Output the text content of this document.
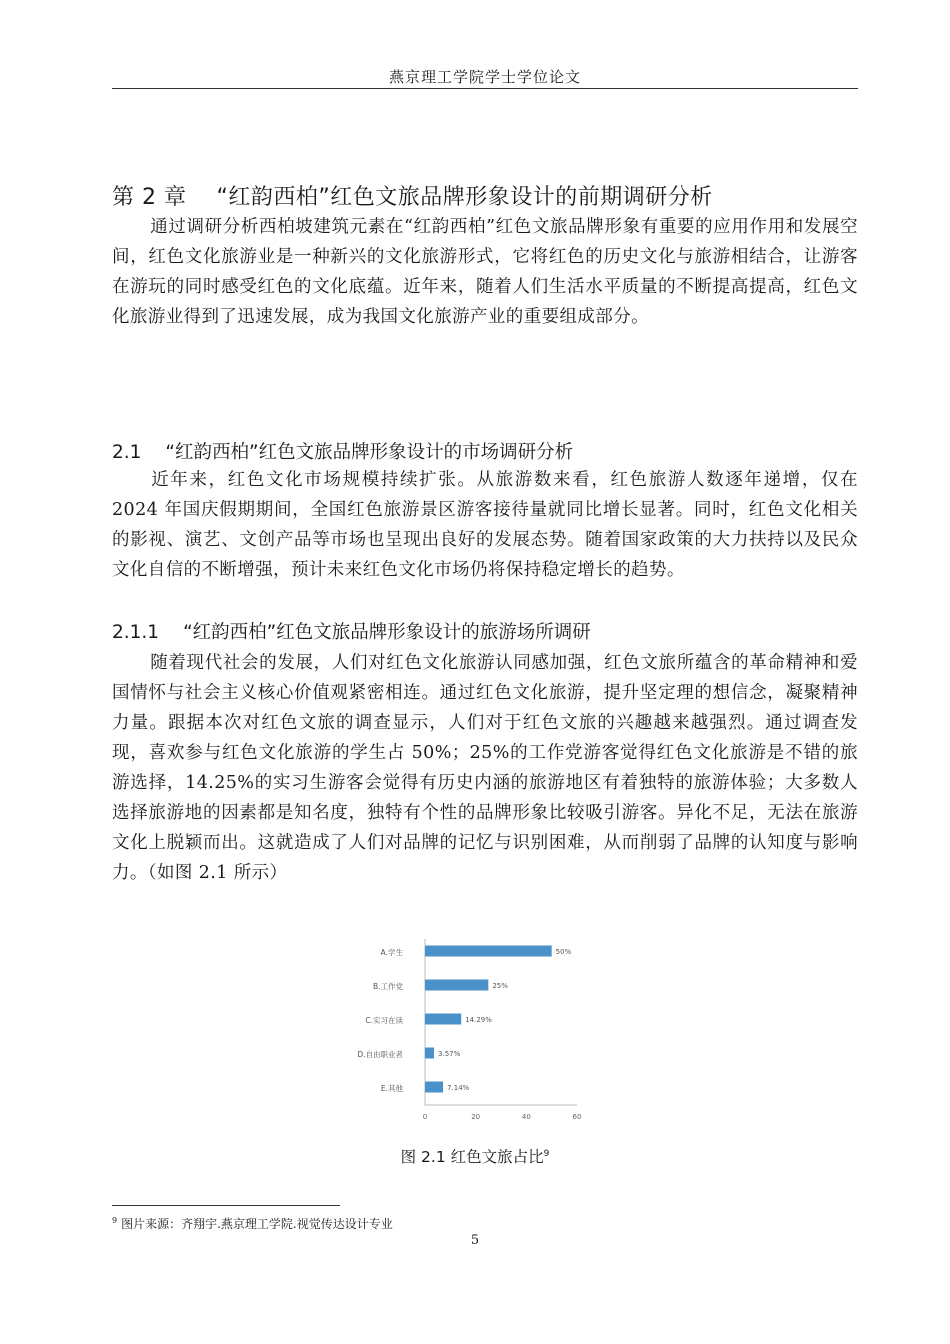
燕京理工学院学士学位论文
第 2 章 “红韵西柏”红色文旅品牌形象设计的前期调研分析
通过调研分析西柏坡建筑元素在“红韵西柏”红色文旅品牌形象有重要的应用作用和发展空间，红色文化旅游业是一种新兴的文化旅游形式，它将红色的历史文化与旅游相结合，让游客在游玩的同时感受红色的文化底蕴。近年来，随着人们生活水平质量的不断提高提高，红色文化旅游业得到了迅速发展，成为我国文化旅游产业的重要组成部分。
2.1 “红韵西柏”红色文旅品牌形象设计的市场调研分析
近年来，红色文化市场规模持续扩张。从旅游数来看，红色旅游人数逐年递增，仅在2024 年国庆假期期间，全国红色旅游景区游客接待量就同比增长显著。同时，红色文化相关的影视、演艺、文创产品等市场也呈现出良好的发展态势。随着国家政策的大力扶持以及民众文化自信的不断增强，预计未来红色文化市场仍将保持稳定增长的趋势。
2.1.1 “红韵西柏”红色文旅品牌形象设计的旅游场所调研
随着现代社会的发展，人们对红色文化旅游认同感加强，红色文旅所蕴含的革命精神和爱国情怀与社会主义核心价值观紧密相连。通过红色文化旅游，提升坚定理的想信念，凝聚精神力量。跟据本次对红色文旅的调查显示，人们对于红色文旅的兴趣越来越强烈。通过调查发现，喜欢参与红色文化旅游的学生占 50%；25%的工作党游客觉得红色文化旅游是不错的旅游选择，14.25%的实习生游客会觉得有历史内涵的旅游地区有着独特的旅游体验；大多数人选择旅游地的因素都是知名度，独特有个性的品牌形象比较吸引游客。异化不足，无法在旅游文化上脱颖而出。这就造成了人们对品牌的记忆与识别困难，从而削弱了品牌的认知度与影响力。（如图 2.1 所示）
A.学生	50%
B.工作党	25%
C.实习在读	14.29%
D.自由职业者	3.57%
E.其他	7.14%
0	20	40	60
图 2.1 红色文旅占比$^9$
$^9$ 图片来源：齐翔宇.燕京理工学院.视觉传达设计专业
5
